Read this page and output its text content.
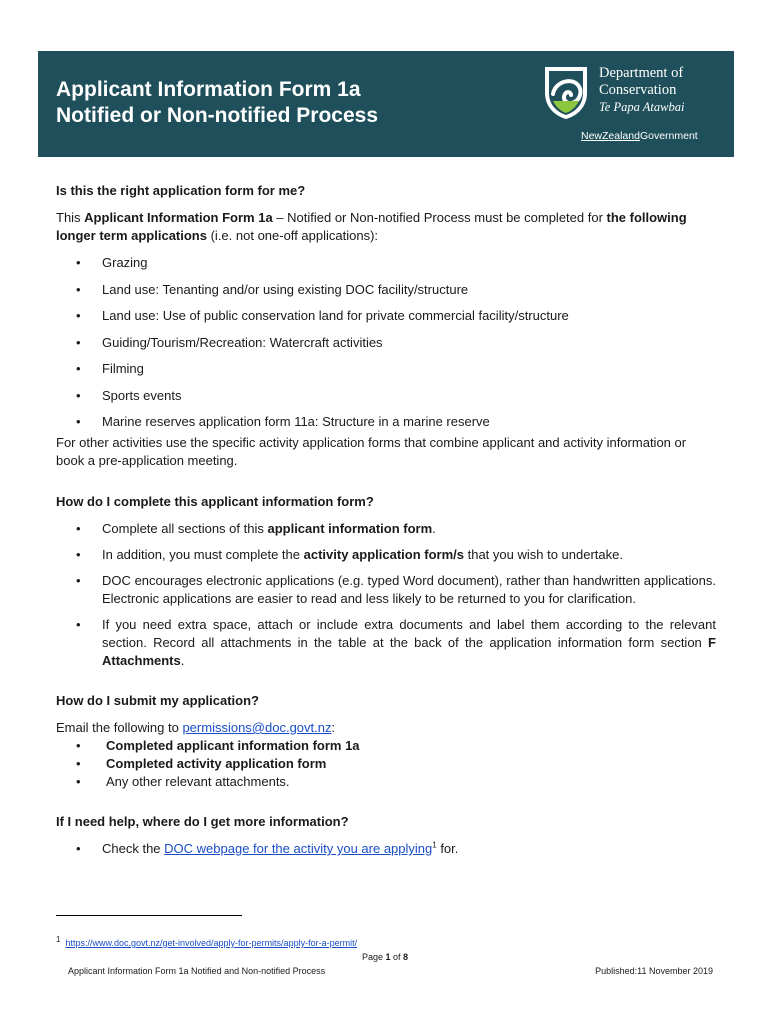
Applicant Information Form 1a
Notified or Non-notified Process
Department of
Conservation
Te Papa Atawbai
NewZealandGovernment
Is this the right application form for me?

This Applicant Information Form 1a – Notified or Non-notified Process must be completed for the following longer term applications (i.e. not one-off applications):

• Grazing
• Land use: Tenanting and/or using existing DOC facility/structure
• Land use: Use of public conservation land for private commercial facility/structure
• Guiding/Tourism/Recreation: Watercraft activities
• Filming
• Sports events
• Marine reserves application form 11a: Structure in a marine reserve

For other activities use the specific activity application forms that combine applicant and activity information or book a pre-application meeting.

How do I complete this applicant information form?
• Complete all sections of this applicant information form.
• In addition, you must complete the activity application form/s that you wish to undertake.
• DOC encourages electronic applications (e.g. typed Word document), rather than handwritten applications. Electronic applications are easier to read and less likely to be returned to you for clarification.
• If you need extra space, attach or include extra documents and label them according to the relevant section. Record all attachments in the table at the back of the application information form section F Attachments.
How do I submit my application?

Email the following to permissions@doc.govt.nz:

• Completed applicant information form 1a
• Completed activity application form
• Any other relevant attachments.
If I need help, where do I get more information?
• Check the DOC webpage for the activity you are applying$^1$ for.
$^1$ https://www.doc.govt.nz/get-involved/apply-for-permits/apply-for-a-permit/
Page 1 of 8
Applicant Information Form 1a Notified and Non-notified Process	Published:11 November 2019
